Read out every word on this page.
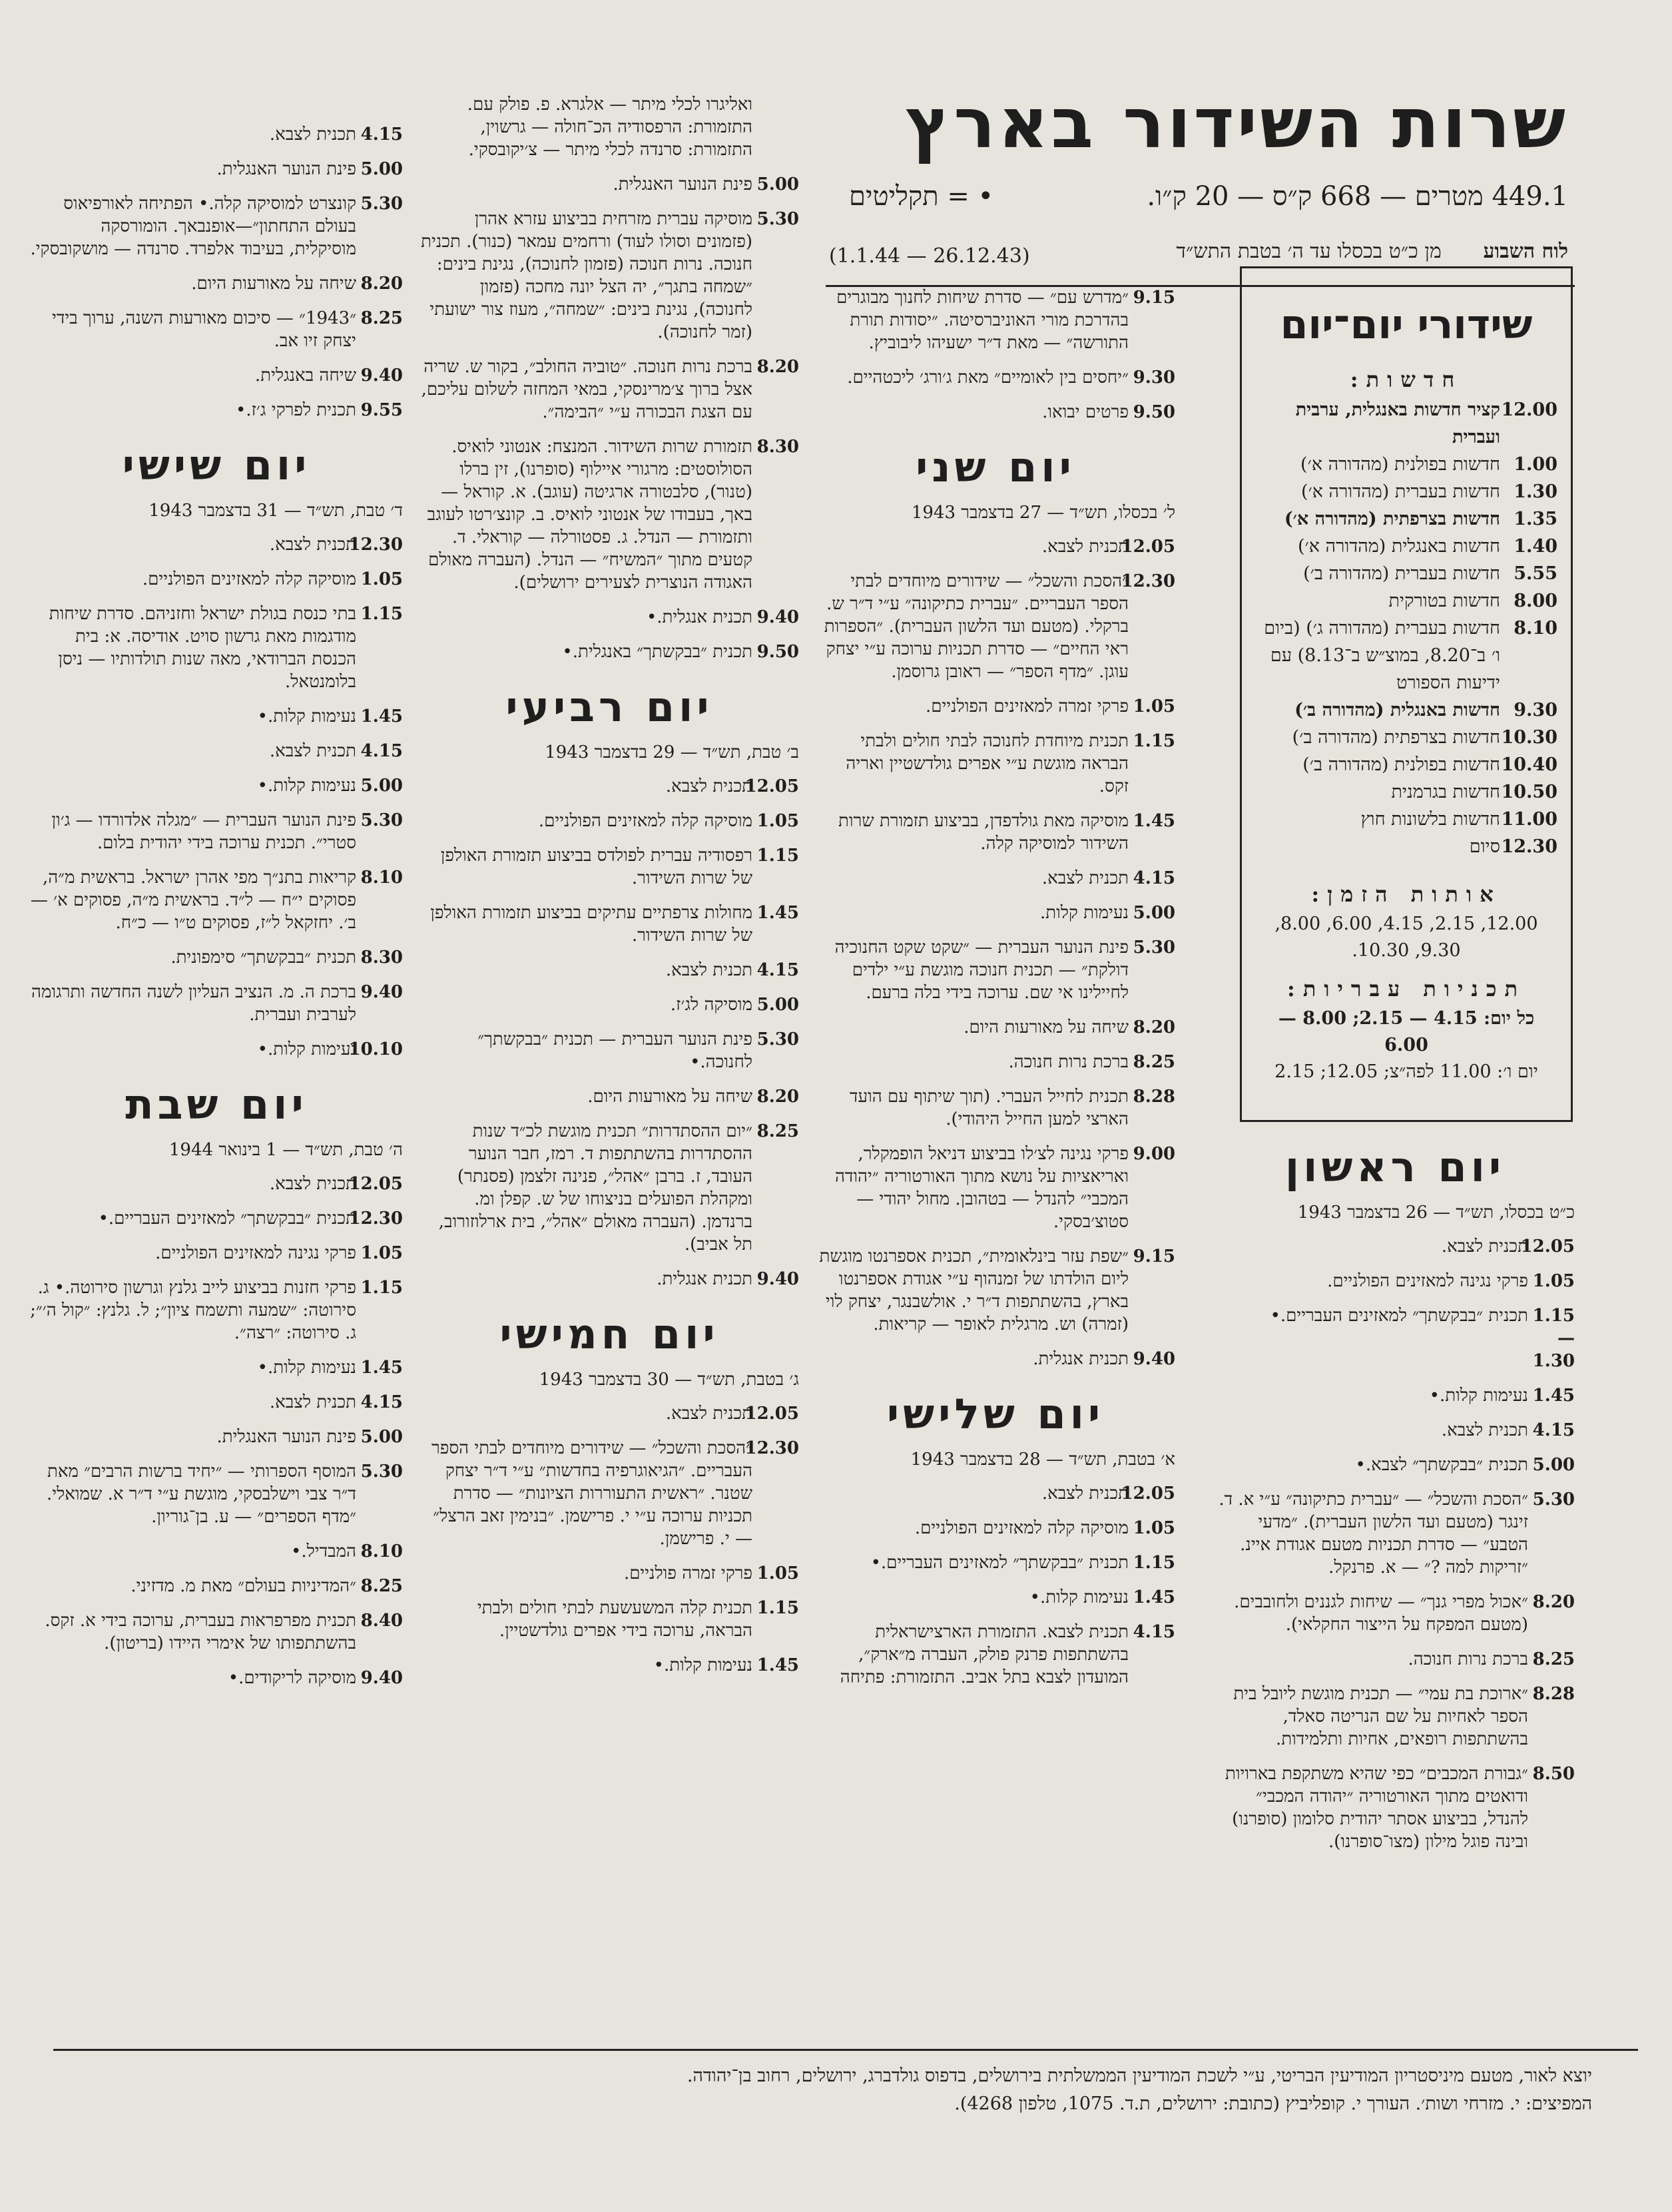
שרות השידור בארץ
449.1 מטרים — 668 ק״ס — 20 ק״ו.
• = תקליטים
לוח השבוע      מן כ״ט בכסלו עד ה׳ בטבת התש״ד
(26.12.43 — 1.1.44)
שידורי יום־יום
חדשות:
12.00
קציר חדשות באנגלית, ערבית ועברית
1.00
חדשות בפולנית (מהדורה א׳)
1.30
חדשות בעברית (מהדורה א׳)
1.35
חדשות בצרפתית (מהדורה א׳)
1.40
חדשות באנגלית (מהדורה א׳)
5.55
חדשות בעברית (מהדורה ב׳)
8.00
חדשות בטורקית
8.10
חדשות בעברית (מהדורה ג׳) (ביום ו׳ ב־8.20, במוצ״ש ב־8.13) עם ידיעות הספורט
9.30
חדשות באנגלית (מהדורה ב׳)
10.30
חדשות בצרפתית (מהדורה ב׳)
10.40
חדשות בפולנית (מהדורה ב׳)
10.50
חדשות בגרמנית
11.00
חדשות בלשונות חוץ
12.30
סיום
אותות הזמן:
12.00, 2.15, 4.15, 6.00, 8.00, 9.30, 10.30.
תכניות עבריות:
כל יום: 4.15 — 2.15; 8.00 — 6.00
יום ו׳: 11.00 לפה״צ; 12.05; 2.15
יום ראשון
כ״ט בכסלו, תש״ד — 26 בדצמבר 1943
12.05
תכנית לצבא.
1.05
פרקי נגינה למאזינים הפולניים.
1.15—1.30
תכנית ״בבקשתך״ למאזינים העבריים.•
1.45
נעימות קלות.•
4.15
תכנית לצבא.
5.00
תכנית ״בבקשתך״ לצבא.•
5.30
״הסכת והשכל״ — ״עברית כתיקונה״ ע״י א. ד. זינגר (מטעם ועד הלשון העברית). ״מדעי הטבע״ — סדרת תכניות מטעם אגודת איינ. ״זריקות למה ?״ — א. פרנקל.
8.20
״אכול מפרי גנך״ — שיחות לגננים ולחובבים. (מטעם המפקח על הייצור החקלאי).
8.25
ברכת נרות חנוכה.
8.28
״ארוכת בת עמי״ — תכנית מוגשת ליובל בית הספר לאחיות על שם הנריטה סאלד, בהשתתפות רופאים, אחיות ותלמידות.
8.50
״גבורת המכבים״ כפי שהיא משתקפת בארויות ודואטים מתוך האורטוריה ״יהודה המכבי״ להנדל, בביצוע אסתר יהודית סלומון (סופרנו) ובינה פוגל מילון (מצו־סופרנו).
9.15
״מדרש עם״ — סדרת שיחות לחנוך מבוגרים בהדרכת מורי האוניברסיטה. ״יסודות תורת התורשה״ — מאת ד״ר ישעיהו ליבוביץ.
9.30
״יחסים בין לאומיים״ מאת ג׳ורג׳ ליכטהיים.
9.50
פרטים יבואו.
יום שני
ל׳ בכסלו, תש״ד — 27 בדצמבר 1943
12.05
תכנית לצבא.
12.30
״הסכת והשכל״ — שידורים מיוחדים לבתי הספר העבריים. ״עברית כתיקונה״ ע״י ד״ר ש. ברקלי. (מטעם ועד הלשון העברית). ״הספרות ראי החיים״ — סדרת תכניות ערוכה ע״י יצחק עוגן. ״מדף הספר״ — ראובן גרוסמן.
1.05
פרקי זמרה למאזינים הפולניים.
1.15
תכנית מיוחדת לחנוכה לבתי חולים ולבתי הבראה מוגשת ע״י אפרים גולדשטיין ואריה זקס.
1.45
מוסיקה מאת גולדפדן, בביצוע תזמורת שרות השידור למוסיקה קלה.
4.15
תכנית לצבא.
5.00
נעימות קלות.
5.30
פינת הנוער העברית — ״שקט שקט החנוכיה דולקת״ — תכנית חנוכה מוגשת ע״י ילדים לחיילינו אי שם. ערוכה בידי בלה ברעם.
8.20
שיחה על מאורעות היום.
8.25
ברכת נרות חנוכה.
8.28
תכנית לחייל העברי. (תוך שיתוף עם הועד הארצי למען החייל היהודי).
9.00
פרקי נגינה לצ׳לו בביצוע דניאל הופמקלר, ואריאציות על נושא מתוך האורטוריה ״יהודה המכבי״ להנדל — בטהובן. מחול יהודי — סטוצ׳בסקי.
9.15
״שפת עזר בינלאומית״, תכנית אספרנטו מוגשת ליום הולדתו של זמנהוף ע״י אגודת אספרנטו בארץ, בהשתתפות ד״ר י. אולשבנגר, יצחק לוי (זמרה) וש. מרגלית לאופר — קריאות.
9.40
תכנית אנגלית.
יום שלישי
א׳ בטבת, תש״ד — 28 בדצמבר 1943
12.05
תכנית לצבא.
1.05
מוסיקה קלה למאזינים הפולניים.
1.15
תכנית ״בבקשתך״ למאזינים העבריים.•
1.45
נעימות קלות.•
4.15
תכנית לצבא. התזמורת הארצישראלית בהשתתפות פרנק פולק, העברה מ״ארק״, המועדון לצבא בתל אביב. התזמורת: פתיחה
ואליגרו לכלי מיתר — אלגרא. פ. פולק עם. התזמורת: הרפסודיה הכ־חולה — גרשוין, התזמורת: סרנדה לכלי מיתר — צ׳יקובסקי.
5.00
פינת הנוער האנגלית.
5.30
מוסיקה עברית מזרחית בביצוע עזרא אהרן (פזמונים וסולו לעוד) ורחמים עמאר (כנור). תכנית חנוכה. נרות חנוכה (פזמון לחנוכה), נגינת בינים: ״שמחה בתגך״, יה הצל יונה מחכה (פזמון לחנוכה), נגינת בינים: ״שמחה״, מעוז צור ישועתי (זמר לחנוכה).
8.20
ברכת נרות חנוכה. ״טוביה החולב״, בקור ש. שריה אצל ברוך צ׳מרינסקי, במאי המחזה לשלום עליכם, עם הצגת הבכורה ע״י ״הבימה״.
8.30
תזמורת שרות השידור. המנצח: אנטוני לואיס. הסולוסטים: מרגורי איילוף (סופרנו), זין ברלו (טנור), סלבטורה ארגיטה (עוגב). א. קוראל — באך, בעבודו של אנטוני לואיס. ב. קונצ׳רטו לעוגב ותזמורת — הנדל. ג. פסטורלה — קוראלי. ד. קטעים מתוך ״המשיח״ — הנדל. (העברה מאולם האגודה הנוצרית לצעירים ירושלים).
9.40
תכנית אנגלית.•
9.50
תכנית ״בבקשתך״ באנגלית.•
יום רביעי
ב׳ טבת, תש״ד — 29 בדצמבר 1943
12.05
תכנית לצבא.
1.05
מוסיקה קלה למאזינים הפולניים.
1.15
רפסודיה עברית לפולדס בביצוע תזמורת האולפן של שרות השידור.
1.45
מחולות צרפתיים עתיקים בביצוע תזמורת האולפן של שרות השידור.
4.15
תכנית לצבא.
5.00
מוסיקה לג׳ז.
5.30
פינת הנוער העברית — תכנית ״בבקשתך״ לחנוכה.•
8.20
שיחה על מאורעות היום.
8.25
״יום ההסתדרות״ תכנית מוגשת לכ״ד שנות ההסתדרות בהשתתפות ד. רמז, חבר הנוער העובד, ז. ברבן ״אהל״, פנינה זלצמן (פסנתר) ומקהלת הפועלים בניצוחו של ש. קפלן ומ. ברנדמן. (העברה מאולם ״אהל״, בית ארלוזורוב, תל אביב).
9.40
תכנית אנגלית.
יום חמישי
ג׳ בטבת, תש״ד — 30 בדצמבר 1943
12.05
תכנית לצבא.
12.30
״הסכת והשכל״ — שידורים מיוחדים לבתי הספר העבריים. ״הגיאוגרפיה בחדשות״ ע״י ד״ר יצחק שטנר. ״ראשית התעוררות הציונות״ — סדרת תכניות ערוכה ע״י י. פרישמן. ״בנימין זאב הרצל״ — י. פרישמן.
1.05
פרקי זמרה פולניים.
1.15
תכנית קלה המשעשעת לבתי חולים ולבתי הבראה, ערוכה בידי אפרים גולדשטיין.
1.45
נעימות קלות.•
4.15
תכנית לצבא.
5.00
פינת הנוער האנגלית.
5.30
קונצרט למוסיקה קלה.• הפתיחה לאורפיאוס בעולם התחתון״—אופנבאך. הומורסקה מוסיקלית, בעיבוד אלפרד. סרנדה — מושקובסקי.
8.20
שיחה על מאורעות היום.
8.25
״1943״ — סיכום מאורעות השנה, ערוך בידי יצחק זיו אב.
9.40
שיחה באנגלית.
9.55
תכנית לפרקי ג׳ז.•
יום שישי
ד׳ טבת, תש״ד — 31 בדצמבר 1943
12.30
תכנית לצבא.
1.05
מוסיקה קלה למאזינים הפולניים.
1.15
בתי כנסת בגולת ישראל וחזניהם. סדרת שיחות מודגמות מאת גרשון סויט. אודיסה. א: בית הכנסת הברודאי, מאה שנות תולדותיו — ניסן בלומנטאל.
1.45
נעימות קלות.•
4.15
תכנית לצבא.
5.00
נעימות קלות.•
5.30
פינת הנוער העברית — ״מגלה אלדורדו — ג׳ון סטרי״. תכנית ערוכה בידי יהודית בלום.
8.10
קריאות בתנ״ך מפי אהרן ישראל. בראשית מ״ה, פסוקים י״ח — ל״ד. בראשית מ״ה, פסוקים א׳ — ב׳. יחזקאל ל״ז, פסוקים ט״ו — כ״ח.
8.30
תכנית ״בבקשתך״ סימפונית.
9.40
ברכת ה. מ. הנציב העליון לשנה החדשה ותרגומה לערבית ועברית.
10.10
נעימות קלות.•
יום שבת
ה׳ טבת, תש״ד — 1 בינואר 1944
12.05
תכנית לצבא.
12.30
תכנית ״בבקשתך״ למאזינים העבריים.•
1.05
פרקי נגינה למאזינים הפולניים.
1.15
פרקי חזנות בביצוע לייב גלנץ וגרשון סירוטה.• ג. סירוטה: ״שמעה ותשמח ציון״; ל. גלנץ: ״קול ה׳״; ג. סירוטה: ״רצה״.
1.45
נעימות קלות.•
4.15
תכנית לצבא.
5.00
פינת הנוער האנגלית.
5.30
המוסף הספרותי — ״יחיד ברשות הרבים״ מאת ד״ר צבי וישלבסקי, מוגשת ע״י ד״ר א. שמואלי. ״מדף הספרים״ — ע. בן־גוריון.
8.10
המבדיל.•
8.25
״המדיניות בעולם״ מאת מ. מדזיני.
8.40
תכנית מפרפראות בעברית, ערוכה בידי א. זקס. בהשתתפותו של אימרי היידו (בריטון).
9.40
מוסיקה לריקודים.•
יוצא לאור, מטעם מיניסטריון המודיעין הבריטי, ע״י לשכת המודיעין הממשלתית בירושלים, בדפוס גולדברג, ירושלים, רחוב בן־יהודה.
המפיצים: י. מזרחי ושות׳. העורך י. קופליביץ (כתובת: ירושלים, ת.ד. 1075, טלפון 4268).
